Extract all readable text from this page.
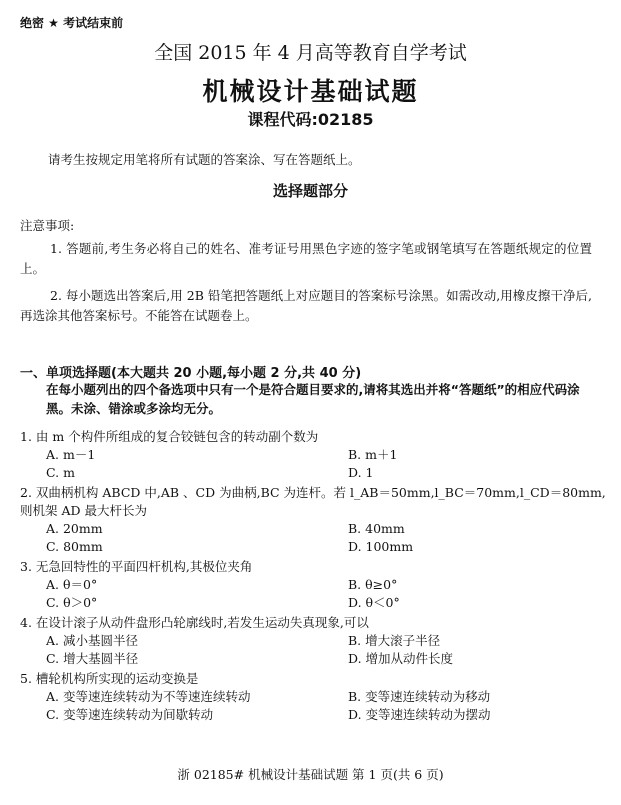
绝密 ★ 考试结束前
全国 2015 年 4 月高等教育自学考试
机械设计基础试题
课程代码:02185
请考生按规定用笔将所有试题的答案涂、写在答题纸上。
选择题部分
注意事项:
1. 答题前,考生务必将自己的姓名、准考证号用黑色字迹的签字笔或钢笔填写在答题纸规定的位置上。
2. 每小题选出答案后,用 2B 铅笔把答题纸上对应题目的答案标号涂黑。如需改动,用橡皮擦干净后,再选涂其他答案标号。不能答在试题卷上。
一、单项选择题(本大题共 20 小题,每小题 2 分,共 40 分)
在每小题列出的四个备选项中只有一个是符合题目要求的,请将其选出并将“答题纸”的相应代码涂黑。未涂、错涂或多涂均无分。
1. 由 m 个构件所组成的复合铰链包含的转动副个数为
A. m－1	B. m＋1
C. m	D. 1
2. 双曲柄机构 ABCD 中,AB 、CD 为曲柄,BC 为连杆。若 l_AB＝50mm,l_BC＝70mm,l_CD＝80mm,则机架 AD 最大杆长为
A. 20mm	B. 40mm
C. 80mm	D. 100mm
3. 无急回特性的平面四杆机构,其极位夹角
A. θ＝0°	B. θ≥0°
C. θ＞0°	D. θ＜0°
4. 在设计滚子从动件盘形凸轮廓线时,若发生运动失真现象,可以
A. 减小基圆半径	B. 增大滚子半径
C. 增大基圆半径	D. 增加从动件长度
5. 槽轮机构所实现的运动变换是
A. 变等速连续转动为不等速连续转动	B. 变等速连续转动为移动
C. 变等速连续转动为间歇转动	D. 变等速连续转动为摆动
浙 02185# 机械设计基础试题 第 1 页(共 6 页)
